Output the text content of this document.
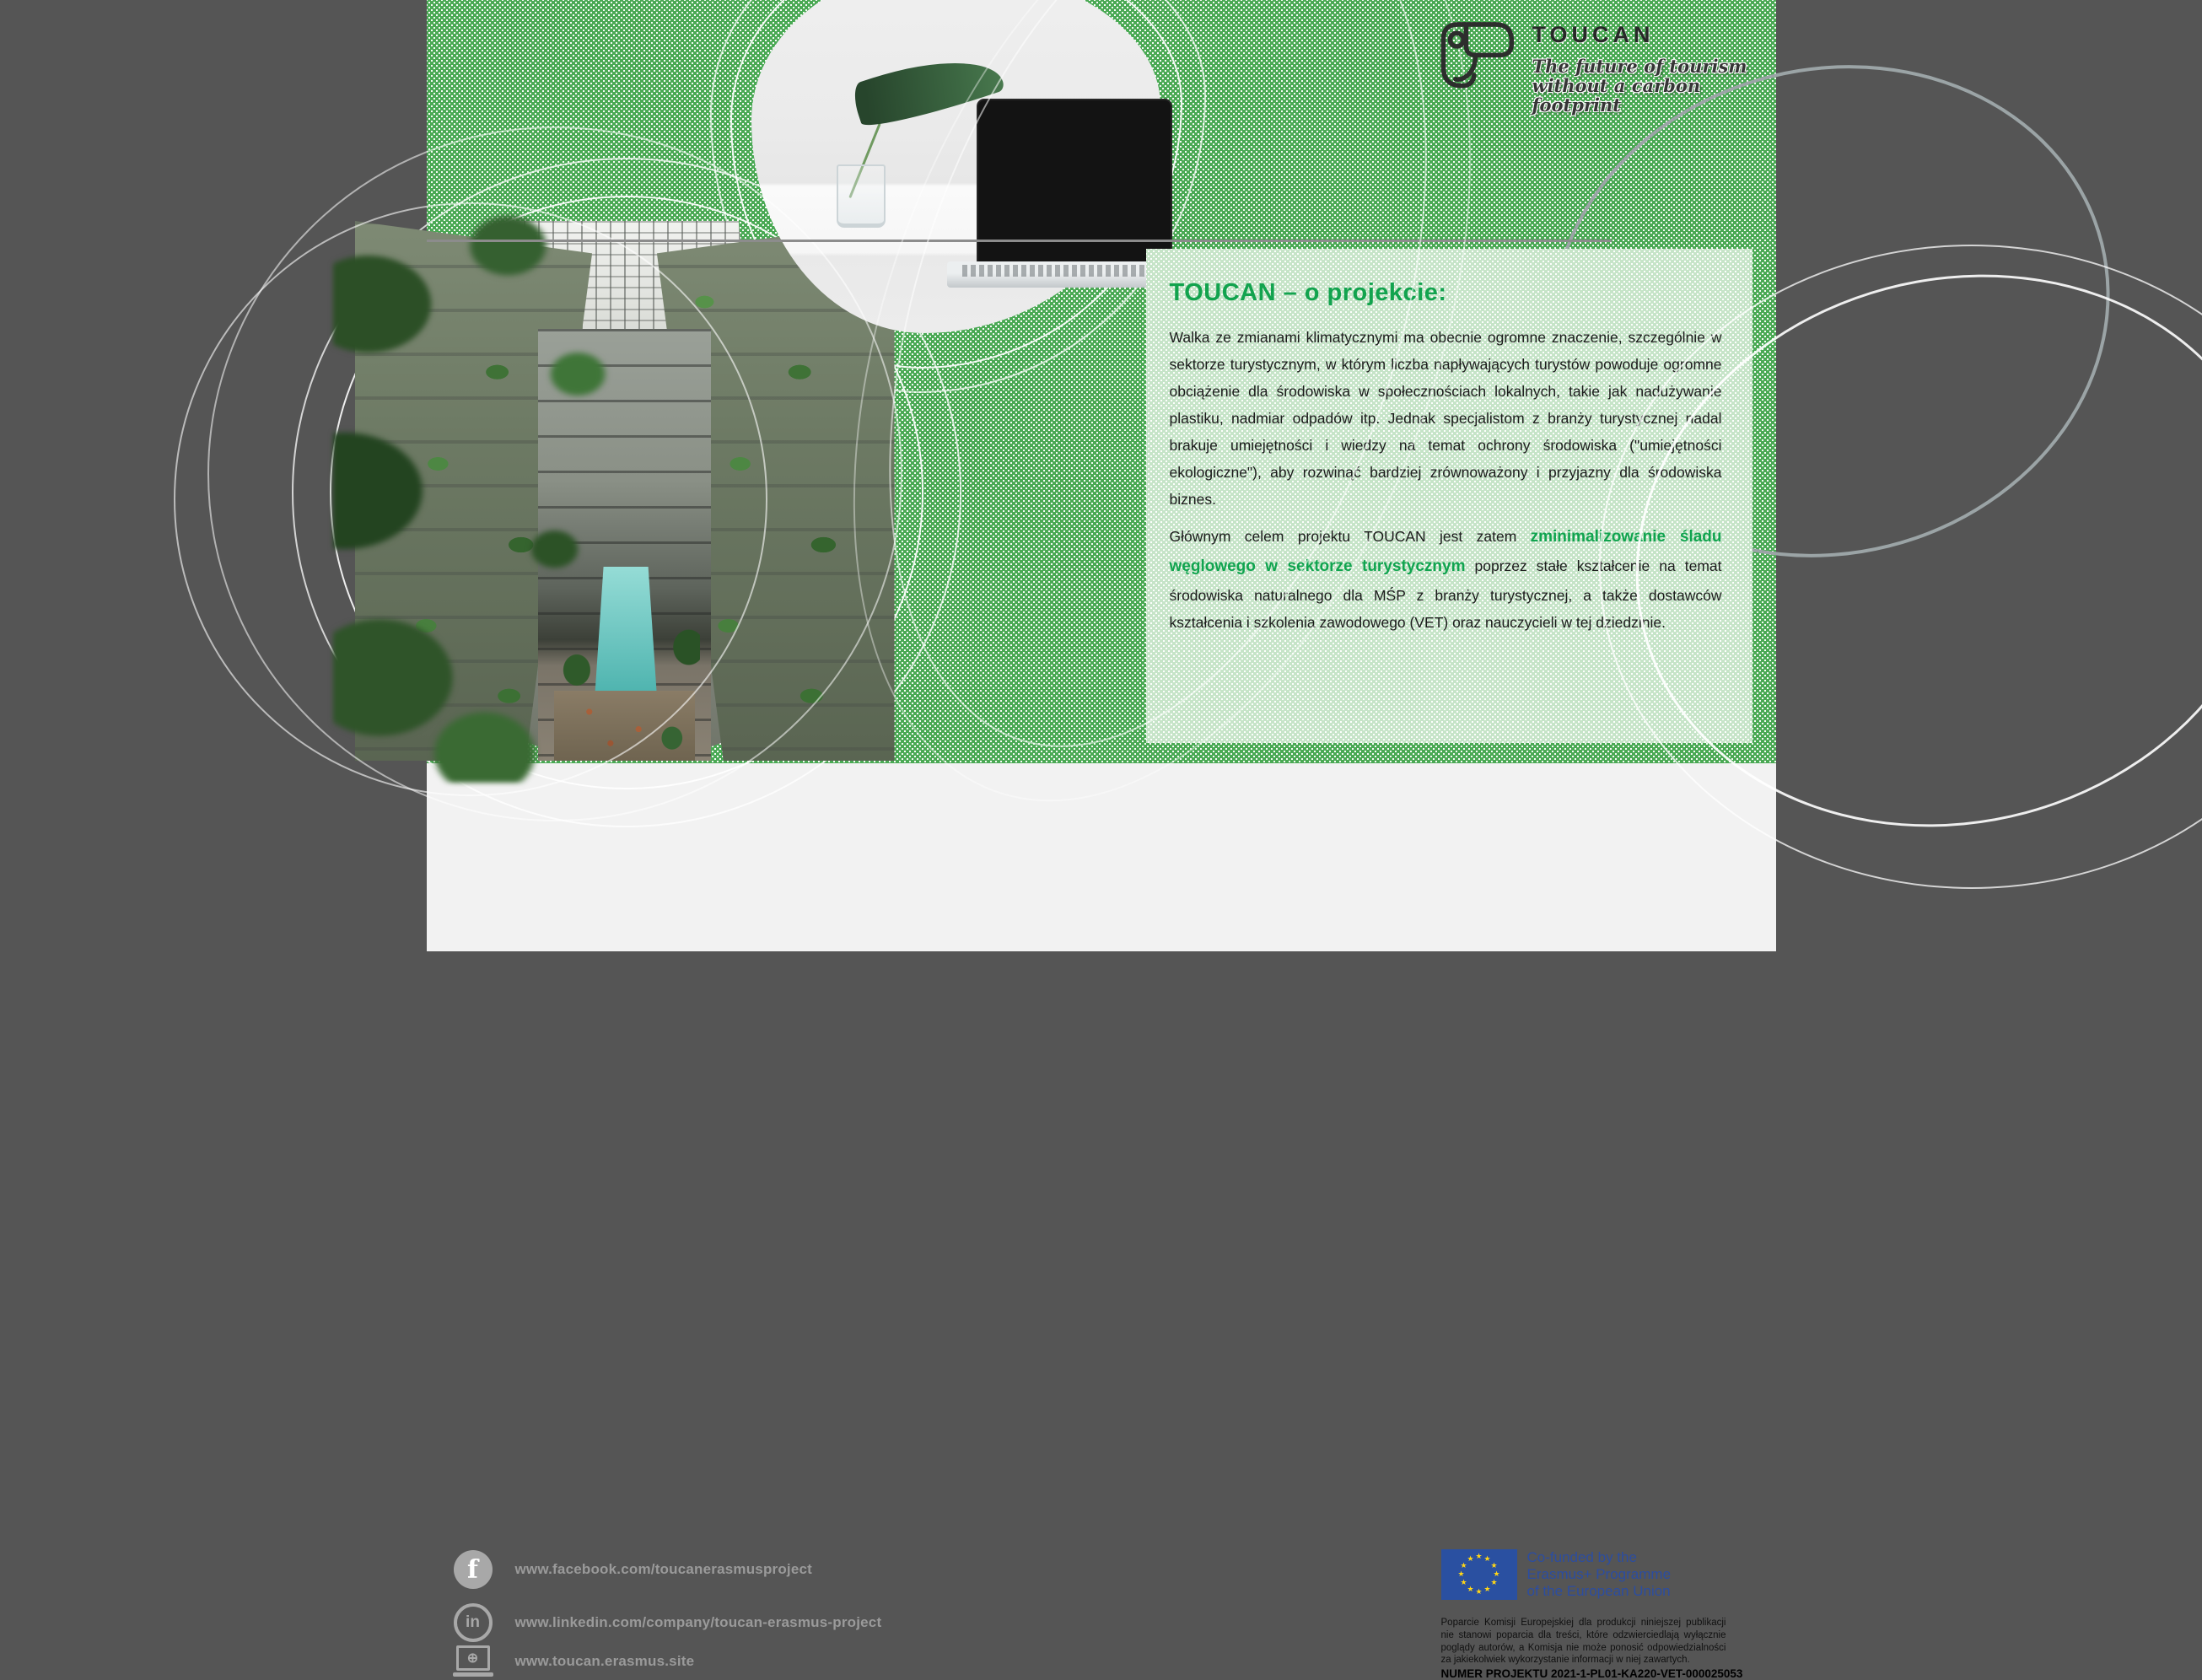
TOUCAN
The future of tourism
without a carbon footprint
TOUCAN – o projekcie:

Walka ze zmianami klimatycznymi ma obecnie ogromne znaczenie, szczególnie w sektorze turystycznym, w którym liczba napływających turystów powoduje ogromne obciążenie dla środowiska w społecznościach lokalnych, takie jak nadużywanie plastiku, nadmiar odpadów itp. Jednak specjalistom z branży turystycznej nadal brakuje umiejętności i wiedzy na temat ochrony środowiska ("umiejętności ekologiczne"), aby rozwinąć bardziej zrównoważony i przyjazny dla środowiska biznes.

Głównym celem projektu TOUCAN jest zatem zminimalizowanie śladu węglowego w sektorze turystycznym poprzez stałe kształcenie na temat środowiska naturalnego dla MŚP z branży turystycznej, a także dostawców kształcenia i szkolenia zawodowego (VET) oraz nauczycieli w tej dziedzinie.

f	www.facebook.com/toucanerasmusproject
in	www.linkedin.com/company/toucan-erasmus-project
⊕	www.toucan.erasmus.site
★ ★
★
★
★
★
★
★
★
★
★
★	Co-funded by the
Erasmus+ Programme
of the European Union
Poparcie Komisji Europejskiej dla produkcji niniejszej publikacji nie stanowi poparcia dla treści, które odzwierciedlają wyłącznie poglądy autorów, a Komisja nie może ponosić odpowiedzialności za jakiekolwiek wykorzystanie informacji w niej zawartych.
NUMER PROJEKTU 2021-1-PL01-KA220-VET-000025053
